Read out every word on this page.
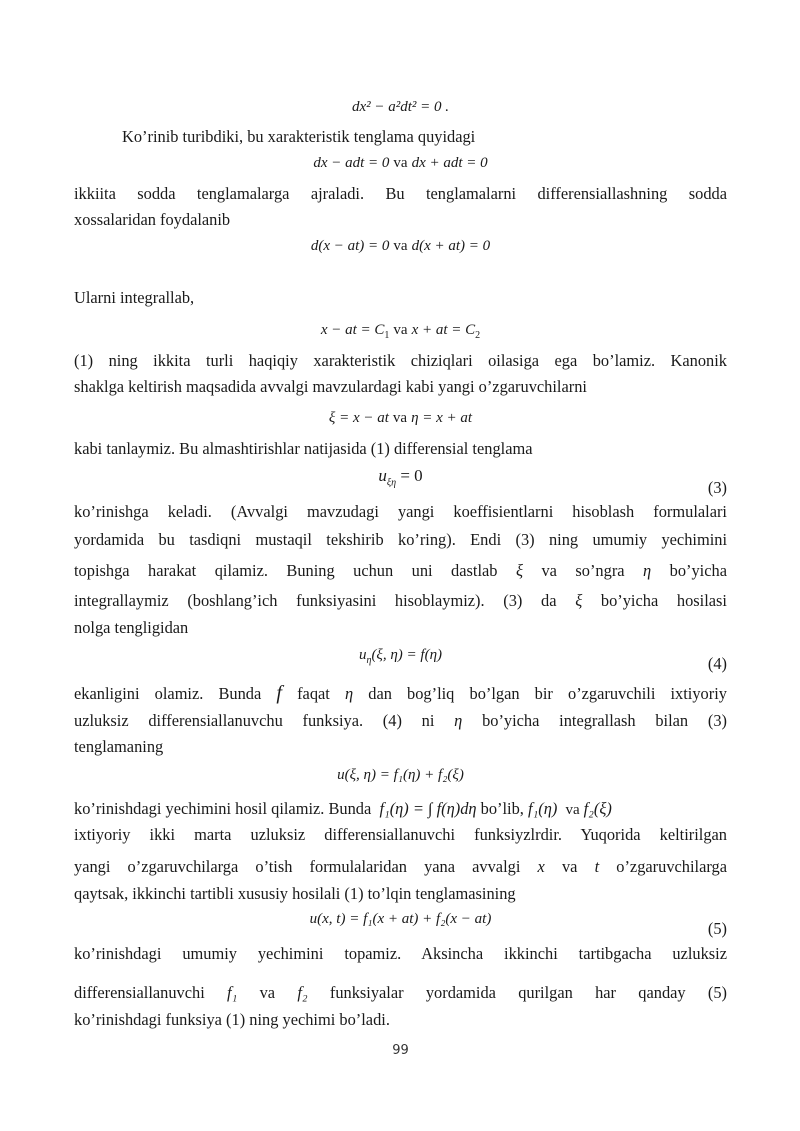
dx² − a²dt² = 0 .
Ko’rinib turibdiki, bu xarakteristik tenglama quyidagi
dx − adt = 0 va dx + adt = 0
ikkiita sodda tenglamalarga ajraladi. Bu tenglamalarni differensiallashning sodda
xossalaridan foydalanib
d(x − at) = 0 va d(x + at) = 0
Ularni integrallab,
x − at = $C_1$ va x + at = $C_2$
(1) ning ikkita turli haqiqiy xarakteristik chiziqlari oilasiga ega bo’lamiz. Kanonik
shaklga keltirish maqsadida avvalgi mavzulardagi kabi yangi o’zgaruvchilarni
ξ = x − at va η = x + at
kabi tanlaymiz. Bu almashtirishlar natijasida (1) differensial tenglama
$u_{\xi\eta} = 0$
(3)
ko’rinishga keladi. (Avvalgi mavzudagi yangi koeffisientlarni hisoblash formulalari
yordamida bu tasdiqni mustaqil tekshirib ko’ring). Endi (3) ning umumiy yechimini
topishga harakat qilamiz. Buning uchun uni dastlab ξ va so’ngra η bo’yicha
integrallaymiz (boshlang’ich funksiyasini hisoblaymiz). (3) da ξ bo’yicha hosilasi
nolga tengligidan
$u_\eta(\xi$, η) = f(η)	(4)
ekanligini olamiz. Bunda f faqat η dan bog’liq bo’lgan bir o’zgaruvchili ixtiyoriy
uzluksiz differensiallanuvchu funksiya. (4) ni η bo’yicha integrallash bilan (3)
tenglamaning
u(ξ, η) = f₁(η) + f₂(ξ)
ko’rinishdagi yechimini hosil qilamiz. Bunda f₁(η) = ∫ f(η)dη bo’lib, f₁(η) va f₂(ξ)
ixtiyoriy ikki marta uzluksiz differensiallanuvchi funksiyzlrdir. Yuqorida keltirilgan
yangi o’zgaruvchilarga o’tish formulalaridan yana avvalgi x va t o’zgaruvchilarga
qaytsak, ikkinchi tartibli xususiy hosilali (1) to’lqin tenglamasining
u(x, t) = f₁(x + at) + f₂(x − at)	(5)
ko’rinishdagi umumiy yechimini topamiz. Aksincha ikkinchi tartibgacha uzluksiz
differensiallanuvchi f₁ va f₂ funksiyalar yordamida qurilgan har qanday (5)
ko’rinishdagi funksiya (1) ning yechimi bo’ladi.
99
